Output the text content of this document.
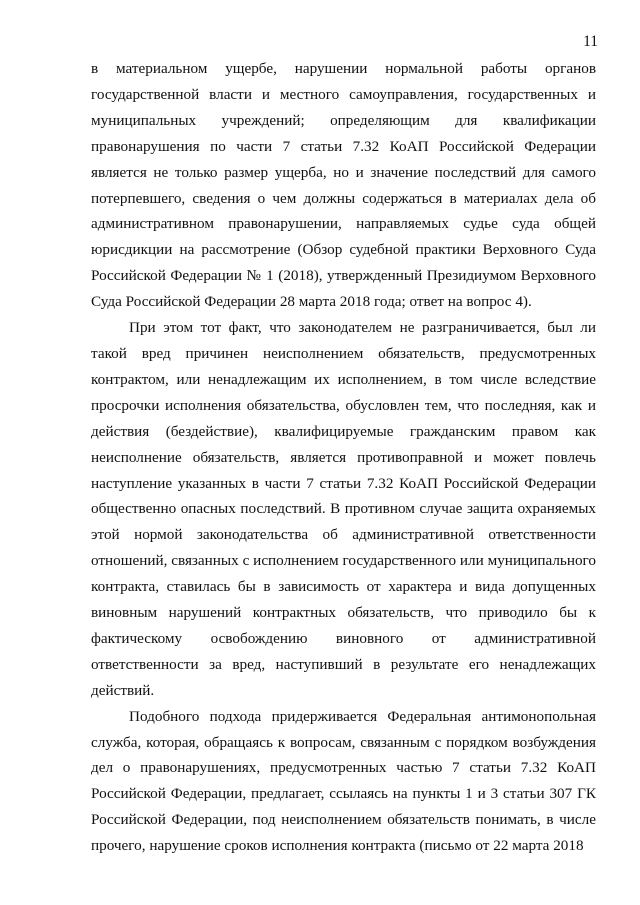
11

в материальном ущербе, нарушении нормальной работы органов государственной власти и местного самоуправления, государственных и муниципальных учреждений; определяющим для квалификации правонарушения по части 7 статьи 7.32 КоАП Российской Федерации является не только размер ущерба, но и значение последствий для самого потерпевшего, сведения о чем должны содержаться в материалах дела об административном правонарушении, направляемых судье суда общей юрисдикции на рассмотрение (Обзор судебной практики Верховного Суда Российской Федерации № 1 (2018), утвержденный Президиумом Верховного Суда Российской Федерации 28 марта 2018 года; ответ на вопрос 4).

При этом тот факт, что законодателем не разграничивается, был ли такой вред причинен неисполнением обязательств, предусмотренных контрактом, или ненадлежащим их исполнением, в том числе вследствие просрочки исполнения обязательства, обусловлен тем, что последняя, как и действия (бездействие), квалифицируемые гражданским правом как неисполнение обязательств, является противоправной и может повлечь наступление указанных в части 7 статьи 7.32 КоАП Российской Федерации общественно опасных последствий. В противном случае защита охраняемых этой нормой законодательства об административной ответственности отношений, связанных с исполнением государственного или муниципального контракта, ставилась бы в зависимость от характера и вида допущенных виновным нарушений контрактных обязательств, что приводило бы к фактическому освобождению виновного от административной ответственности за вред, наступивший в результате его ненадлежащих действий.

Подобного подхода придерживается Федеральная антимонопольная служба, которая, обращаясь к вопросам, связанным с порядком возбуждения дел о правонарушениях, предусмотренных частью 7 статьи 7.32 КоАП Российской Федерации, предлагает, ссылаясь на пункты 1 и 3 статьи 307 ГК Российской Федерации, под неисполнением обязательств понимать, в числе прочего, нарушение сроков исполнения контракта (письмо от 22 марта 2018
